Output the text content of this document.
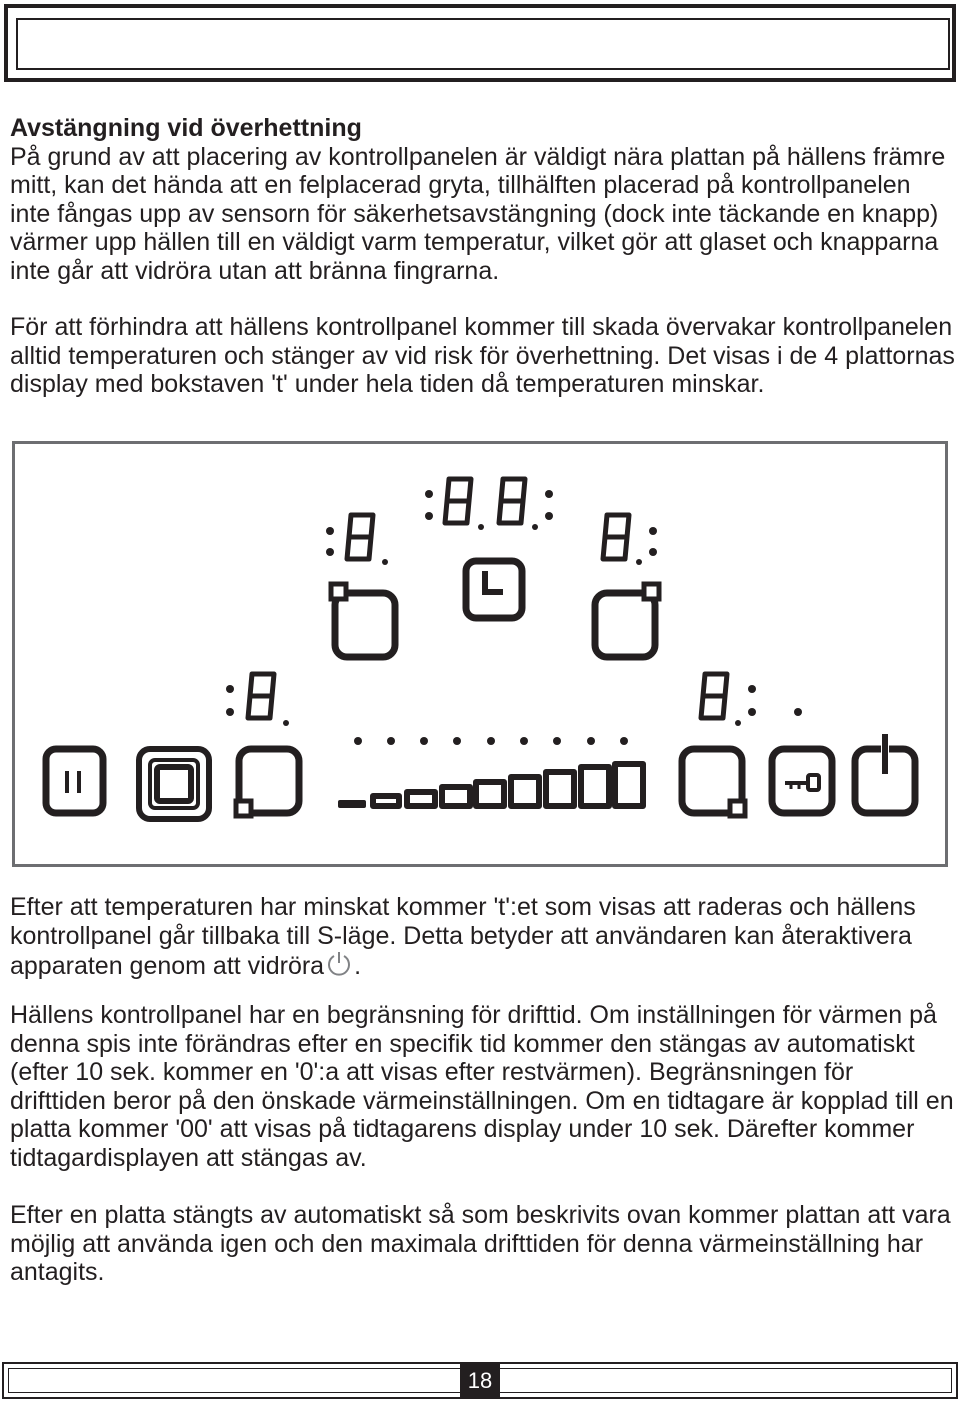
Avstängning vid överhettning

På grund av att placering av kontrollpanelen är väldigt nära plattan på hällens främre mitt, kan det hända att en felplacerad gryta, tillhälften placerad på kontrollpanelen inte fångas upp av sensorn för säkerhetsavstängning (dock inte täckande en knapp) värmer upp hällen till en väldigt varm temperatur, vilket gör att glaset och knapparna inte går att vidröra utan att bränna fingrarna.

För att förhindra att hällens kontrollpanel kommer till skada övervakar kontrollpanelen alltid temperaturen och stänger av vid risk för överhettning. Det visas i de 4 plattornas display med bokstaven 't' under hela tiden då temperaturen minskar.

Efter att temperaturen har minskat kommer 't':et som visas att raderas och hällens kontrollpanel går tillbaka till S-läge. Detta betyder att användaren kan återaktivera apparaten genom att vidröra .

Hällens kontrollpanel har en begränsning för drifttid. Om inställningen för värmen på denna spis inte förändras efter en specifik tid kommer den stängas av automatiskt (efter 10 sek. kommer en '0':a att visas efter restvärmen). Begränsningen för drifttiden beror på den önskade värmeinställningen. Om en tidtagare är kopplad till en platta kommer '00' att visas på tidtagarens display under 10 sek. Därefter kommer tidtagardisplayen att stängas av.

Efter en platta stängts av automatiskt så som beskrivits ovan kommer plattan att vara möjlig att använda igen och den maximala drifttiden för denna värmeinställning har antagits.

18
